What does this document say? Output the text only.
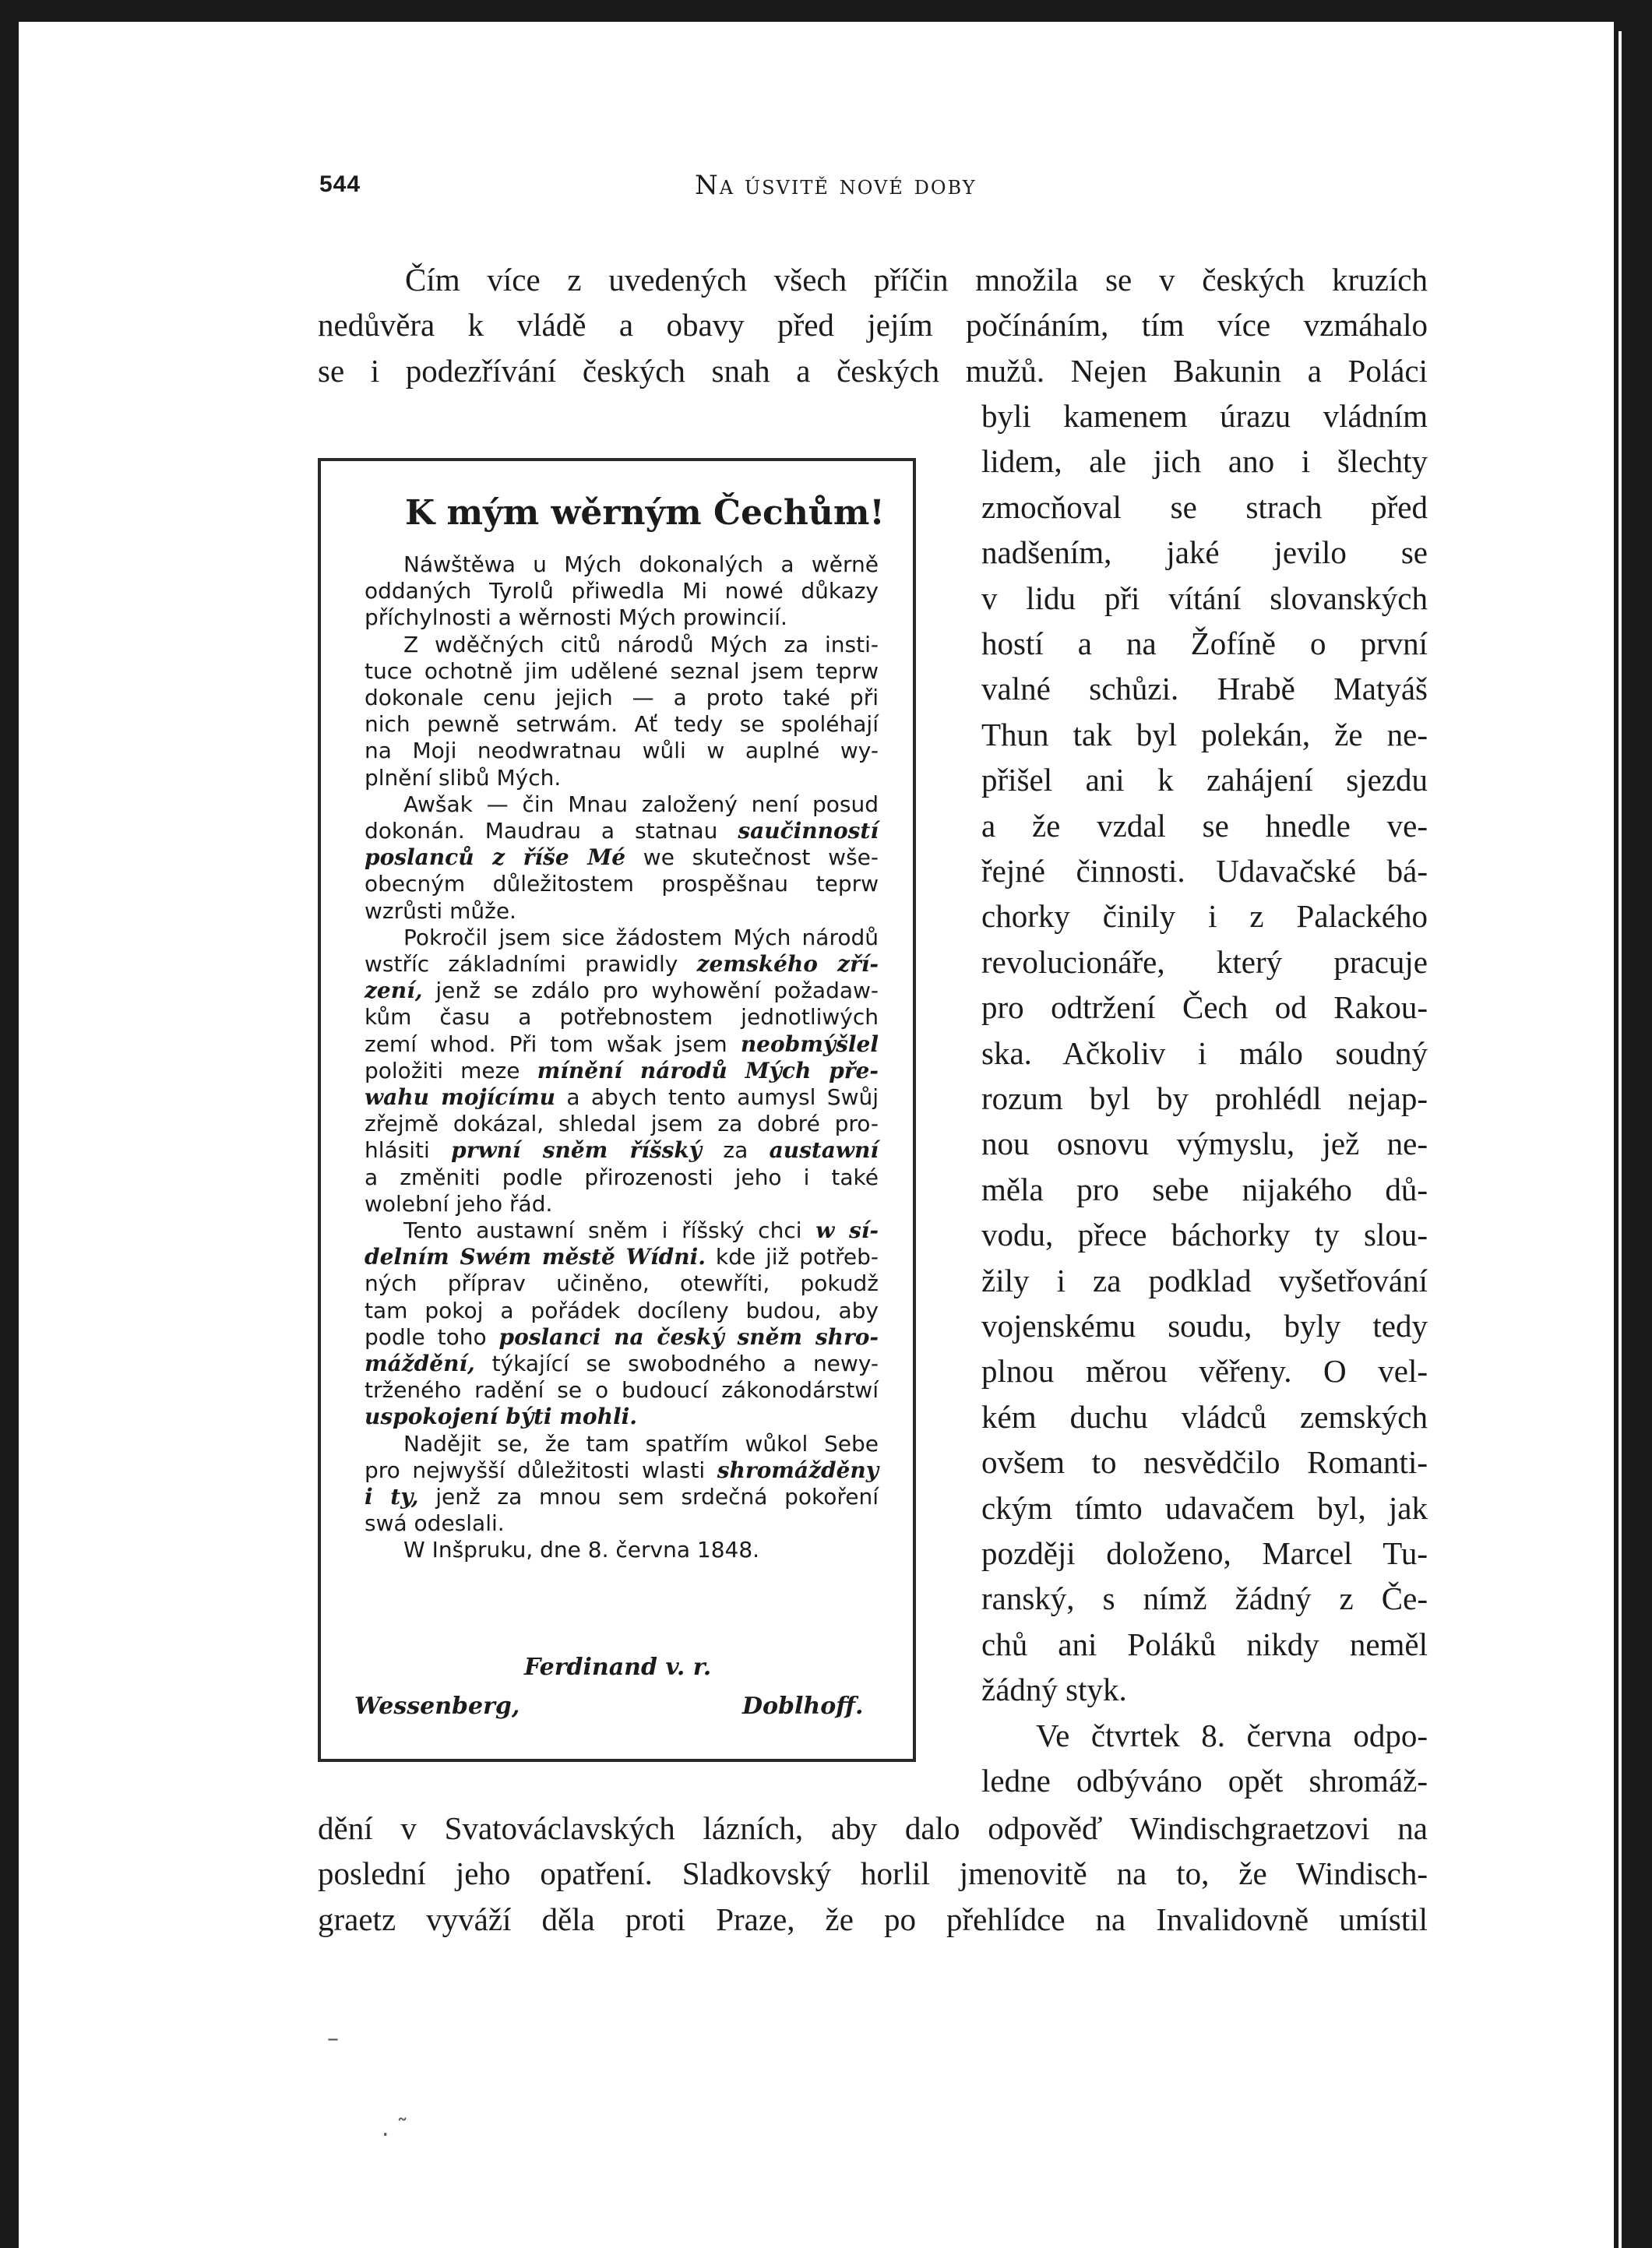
544	Na úsvitě nové doby
Čím více z uvedených všech příčin množila se v českých kruzích
nedůvěra k vládě a obavy před jejím počínáním, tím více vzmáhalo
se i podezřívání českých snah a českých mužů. Nejen Bakunin a Poláci
byli kamenem úrazu vládním
lidem, ale jich ano i šlechty
zmocňoval se strach před
nadšením, jaké jevilo se
v lidu při vítání slovanských
hostí a na Žofíně o první
valné schůzi. Hrabě Matyáš
Thun tak byl polekán, že ne-
přišel ani k zahájení sjezdu
a že vzdal se hnedle ve-
řejné činnosti. Udavačské bá-
chorky činily i z Palackého
revolucionáře, který pracuje
pro odtržení Čech od Rakou-
ska. Ačkoliv i málo soudný
rozum byl by prohlédl nejap-
nou osnovu výmyslu, jež ne-
měla pro sebe nijakého dů-
vodu, přece báchorky ty slou-
žily i za podklad vyšetřování
vojenskému soudu, byly tedy
plnou měrou věřeny. O vel-
kém duchu vládců zemských
ovšem to nesvědčilo Romanti-
ckým tímto udavačem byl, jak
později doloženo, Marcel Tu-
ranský, s nímž žádný z Če-
chů ani Poláků nikdy neměl
žádný styk.
Ve čtvrtek 8. června odpo-
ledne odbýváno opět shromáž-
dění v Svatováclavských lázních, aby dalo odpověď Windischgraetzovi na
poslední jeho opatření. Sladkovský horlil jmenovitě na to, že Windisch-
graetz vyváží děla proti Praze, že po přehlídce na Invalidovně umístil
K mým wěrným Čechům!
Náwštěwa u Mých dokonalých a wěrně
oddaných Tyrolů přiwedla Mi nowé důkazy
příchylnosti a wěrnosti Mých prowincií.
Z wděčných citů národů Mých za insti-
tuce ochotně jim udělené seznal jsem teprw
dokonale cenu jejich — a proto také při
nich pewně setrwám. Ať tedy se spoléhají
na Moji neodwratnau wůli w auplné wy-
plnění slibů Mých.
Awšak — čin Mnau založený není posud
dokonán. Maudrau a statnau saučinností
poslanců z říše Mé we skutečnost wše-
obecným důležitostem prospěšnau teprw
wzrůsti může.
Pokročil jsem sice žádostem Mých národů
wstříc základními prawidly zemského zří-
zení, jenž se zdálo pro wyhowění požadaw-
kům času a potřebnostem jednotliwých
zemí whod. Při tom wšak jsem neobmýšlel
položiti meze mínění národů Mých pře-
wahu mojícímu a abych tento aumysl Swůj
zřejmě dokázal, shledal jsem za dobré pro-
hlásiti prwní sněm říšský za austawní
a změniti podle přirozenosti jeho i také
wolební jeho řád.
Tento austawní sněm i říšský chci w sí-
delním Swém městě Wídni. kde již potřeb-
ných příprav učiněno, otewříti, pokudž
tam pokoj a pořádek docíleny budou, aby
podle toho poslanci na český sněm shro-
máždění, týkající se swobodného a newy-
trženého radění se o budoucí zákonodárstwí
uspokojení býti mohli.
Nadějit se, že tam spatřím wůkol Sebe
pro nejwyšší důležitosti wlasti shromážděny
i ty, jenž za mnou sem srdečná pokoření
swá odeslali.
W Inšpruku, dne 8. června 1848.
Ferdinand v. r.
Wessenberg,	Doblhoff.
–
. ˜
